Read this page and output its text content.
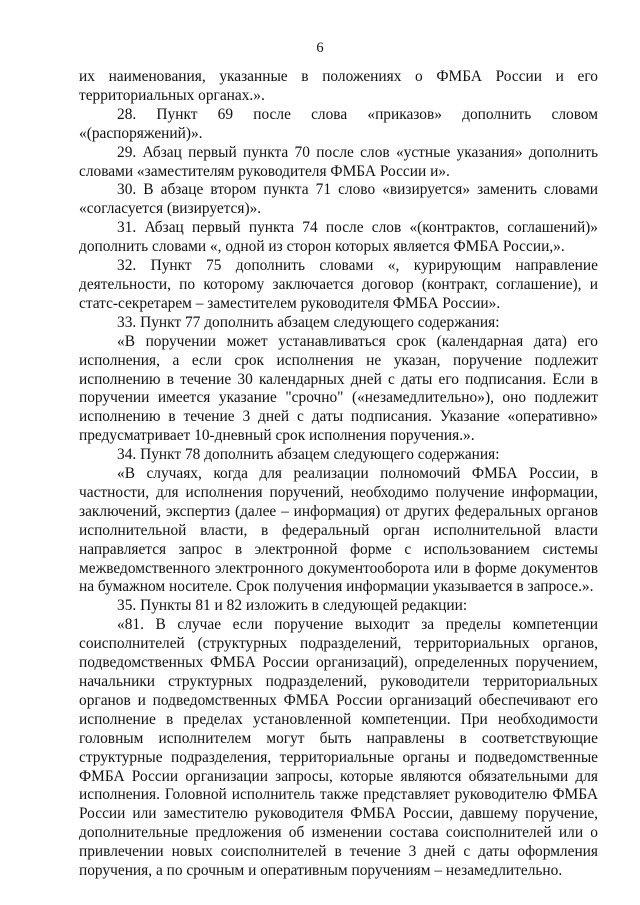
6

их наименования, указанные в положениях о ФМБА России и его территориальных органах.».

28. Пункт 69 после слова «приказов» дополнить словом «(распоряжений)».

29. Абзац первый пункта 70 после слов «устные указания» дополнить словами «заместителям руководителя ФМБА России и».

30. В абзаце втором пункта 71 слово «визируется» заменить словами «согласуется (визируется)».

31. Абзац первый пункта 74 после слов «(контрактов, соглашений)» дополнить словами «, одной из сторон которых является ФМБА России,».

32. Пункт 75 дополнить словами «, курирующим направление деятельности, по которому заключается договор (контракт, соглашение), и статс-секретарем – заместителем руководителя ФМБА России».

33. Пункт 77 дополнить абзацем следующего содержания:

«В поручении может устанавливаться срок (календарная дата) его исполнения, а если срок исполнения не указан, поручение подлежит исполнению в течение 30 календарных дней с даты его подписания. Если в поручении имеется указание "срочно" («незамедлительно»), оно подлежит исполнению в течение 3 дней с даты подписания. Указание «оперативно» предусматривает 10-дневный срок исполнения поручения.».

34. Пункт 78 дополнить абзацем следующего содержания:

«В случаях, когда для реализации полномочий ФМБА России, в частности, для исполнения поручений, необходимо получение информации, заключений, экспертиз (далее – информация) от других федеральных органов исполнительной власти, в федеральный орган исполнительной власти направляется запрос в электронной форме с использованием системы межведомственного электронного документооборота или в форме документов на бумажном носителе. Срок получения информации указывается в запросе.».

35. Пункты 81 и 82 изложить в следующей редакции:

«81. В случае если поручение выходит за пределы компетенции соисполнителей (структурных подразделений, территориальных органов, подведомственных ФМБА России организаций), определенных поручением, начальники структурных подразделений, руководители территориальных органов и подведомственных ФМБА России организаций обеспечивают его исполнение в пределах установленной компетенции. При необходимости головным исполнителем могут быть направлены в соответствующие структурные подразделения, территориальные органы и подведомственные ФМБА России организации запросы, которые являются обязательными для исполнения. Головной исполнитель также представляет руководителю ФМБА России или заместителю руководителя ФМБА России, давшему поручение, дополнительные предложения об изменении состава соисполнителей или о привлечении новых соисполнителей в течение 3 дней с даты оформления поручения, а по срочным и оперативным поручениям – незамедлительно.
